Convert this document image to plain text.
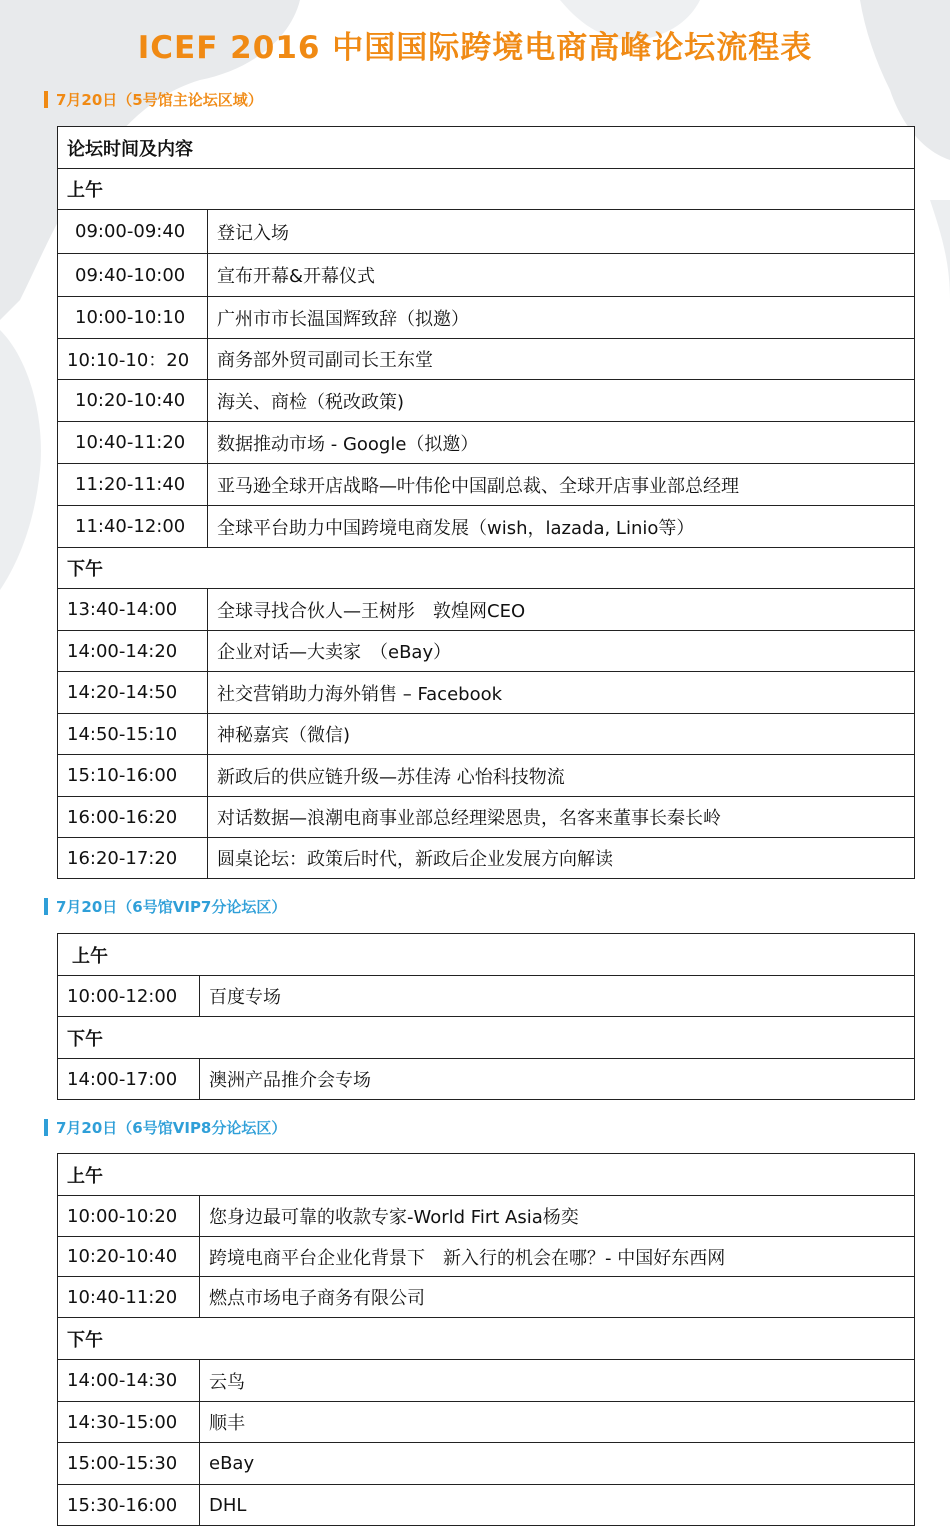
ICEF 2016 中国国际跨境电商高峰论坛流程表
7月20日（5号馆主论坛区域）
论坛时间及内容	
上午	
09:00-09:40	登记入场
09:40-10:00	宣布开幕&开幕仪式
10:00-10:10	广州市市长温国辉致辞（拟邀）
10:10-10：20	商务部外贸司副司长王东堂
10:20-10:40	海关、商检（税改政策)
10:40-11:20	数据推动市场 - Google（拟邀）
11:20-11:40	亚马逊全球开店战略—叶伟伦中国副总裁、全球开店事业部总经理
11:40-12:00	全球平台助力中国跨境电商发展（wish，lazada, Linio等）
下午	
13:40-14:00	全球寻找合伙人—王树彤　敦煌网CEO
14:00-14:20	企业对话—大卖家　（eBay）
14:20-14:50	社交营销助力海外销售 – Facebook
14:50-15:10	神秘嘉宾（微信)
15:10-16:00	新政后的供应链升级—苏佳涛 心怡科技物流
16:00-16:20	对话数据—浪潮电商事业部总经理梁恩贵，名客来董事长秦长岭
16:20-17:20	圆桌论坛：政策后时代，新政后企业发展方向解读
7月20日（6号馆VIP7分论坛区）
上午	
10:00-12:00	百度专场
下午	
14:00-17:00	澳洲产品推介会专场
7月20日（6号馆VIP8分论坛区）
上午	
10:00-10:20	您身边最可靠的收款专家-World Firt Asia杨奕
10:20-10:40	跨境电商平台企业化背景下　新入行的机会在哪？- 中国好东西网
10:40-11:20	燃点市场电子商务有限公司
下午	
14:00-14:30	云鸟
14:30-15:00	顺丰
15:00-15:30	eBay
15:30-16:00	DHL
